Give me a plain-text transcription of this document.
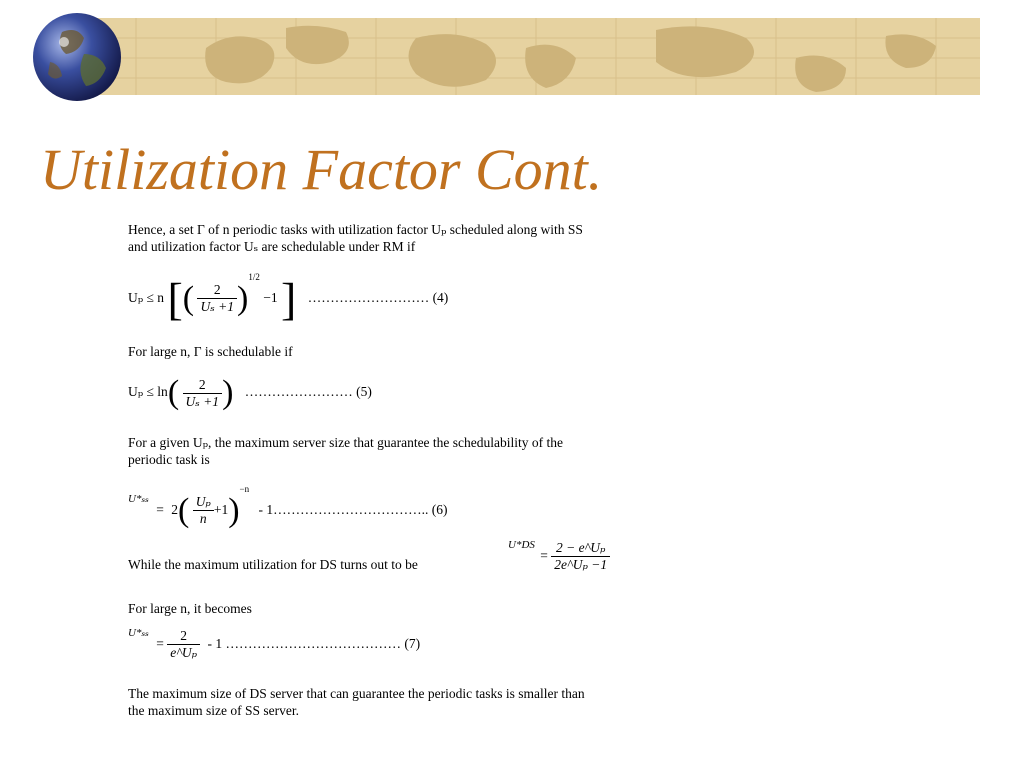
Utilization Factor Cont.
Hence, a set Γ of n periodic tasks with utilization factor Uₚ scheduled along with SS
and utilization factor Uₛ are schedulable under RM if
Uₚ ≤ n [( $\frac{2}{\text{Uₛ +1}} )^{1/2} -1$ ] ……………………… (4)
For large n, Γ is schedulable if
$U_p \le \ln( \frac{2}{\text{Uₛ +1}}$ ) …………………… (5)
For a given Uₚ, the maximum server size that guarantee the schedulability of the
periodic task is
$^{U*_{ss}} = 2( \frac{\text{Uₚ}}{n} +1)^{-n}$ - 1…………………………….. (6)
While the maximum utilization for DS turns out to be
$^{U*DS} = \frac{\text{2 − e\textasciicircum{}Uₚ}}{\text{2e\textasciicircum{}Uₚ −1}}$
For large n, it becomes
$^{U*_{ss}} = \frac{2}{\text{e\textasciicircum{}Uₚ}} - 1$ ………………………………… (7)
The maximum size of DS server that can guarantee the periodic tasks is smaller than
the maximum size of SS server.
